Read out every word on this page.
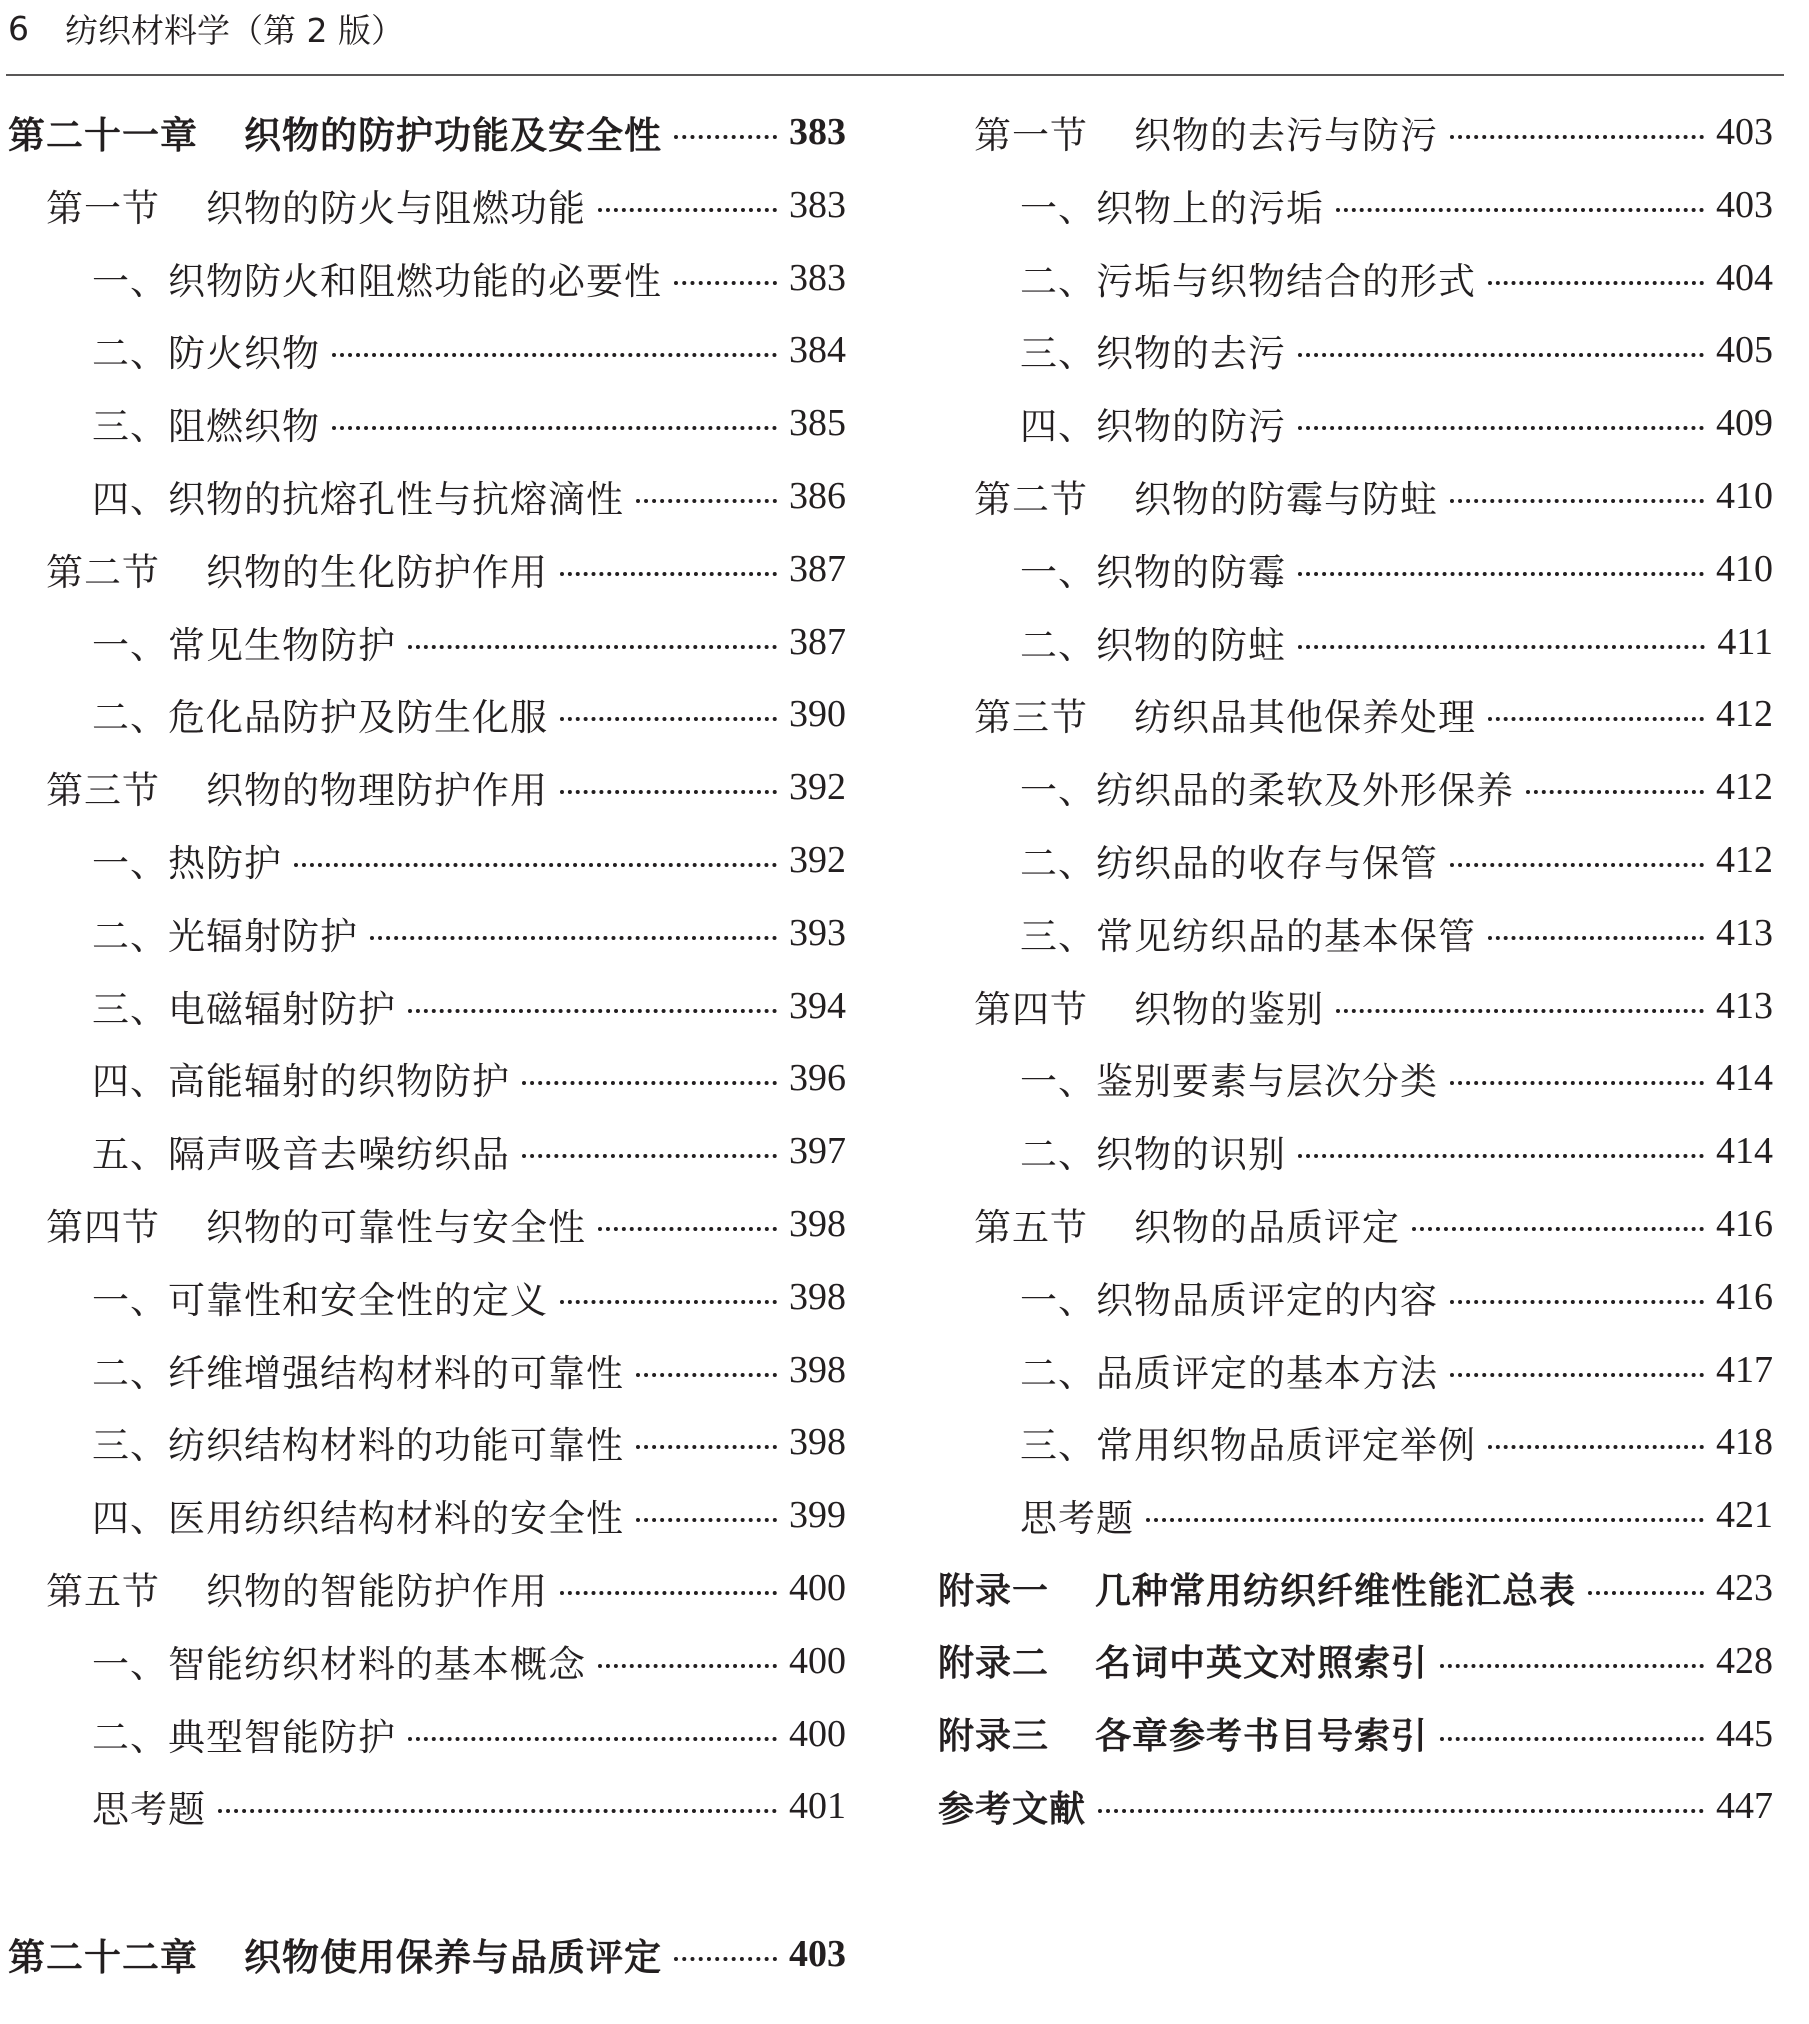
6 纺织材料学（第 2 版）
第二十一章 织物的防护功能及安全性	383
第一节 织物的防火与阻燃功能	383
一、织物防火和阻燃功能的必要性	383
二、防火织物	384
三、阻燃织物	385
四、织物的抗熔孔性与抗熔滴性	386
第二节 织物的生化防护作用	387
一、常见生物防护	387
二、危化品防护及防生化服	390
第三节 织物的物理防护作用	392
一、热防护	392
二、光辐射防护	393
三、电磁辐射防护	394
四、高能辐射的织物防护	396
五、隔声吸音去噪纺织品	397
第四节 织物的可靠性与安全性	398
一、可靠性和安全性的定义	398
二、纤维增强结构材料的可靠性	398
三、纺织结构材料的功能可靠性	398
四、医用纺织结构材料的安全性	399
第五节 织物的智能防护作用	400
一、智能纺织材料的基本概念	400
二、典型智能防护	400
思考题	401
第二十二章 织物使用保养与品质评定	403
第一节 织物的去污与防污	403
一、织物上的污垢	403
二、污垢与织物结合的形式	404
三、织物的去污	405
四、织物的防污	409
第二节 织物的防霉与防蛀	410
一、织物的防霉	410
二、织物的防蛀	411
第三节 纺织品其他保养处理	412
一、纺织品的柔软及外形保养	412
二、纺织品的收存与保管	412
三、常见纺织品的基本保管	413
第四节 织物的鉴别	413
一、鉴别要素与层次分类	414
二、织物的识别	414
第五节 织物的品质评定	416
一、织物品质评定的内容	416
二、品质评定的基本方法	417
三、常用织物品质评定举例	418
思考题	421
附录一 几种常用纺织纤维性能汇总表	423
附录二 名词中英文对照索引	428
附录三 各章参考书目号索引	445
参考文献	447
